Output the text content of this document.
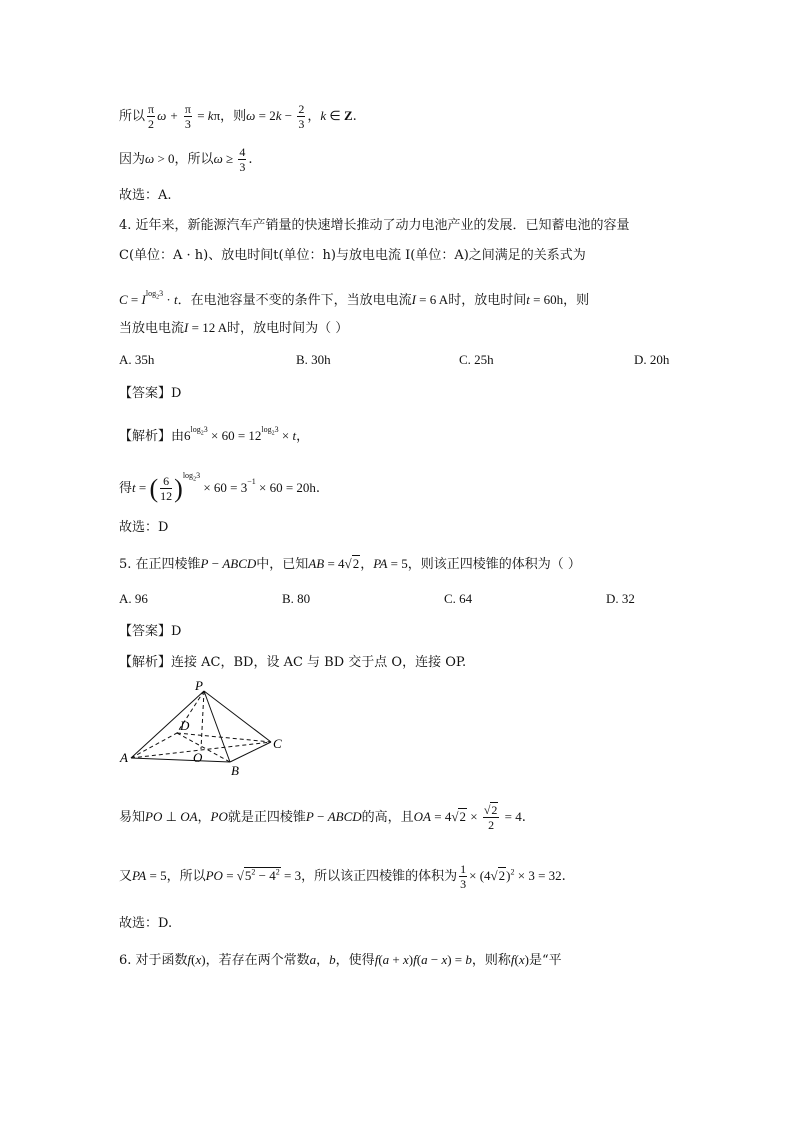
所以 $\frac{\pi}{2}$ $\omega + \frac{\pi}{3} = k\pi$，则$\omega = 2k - \frac{2}{3}$ ，k ∈ Z.
因为ω > 0，所以$\omega \ge \frac{4}{3}$ .
故选：A.
4. 近年来，新能源汽车产销量的快速增长推动了动力电池产业的发展．已知蓄电池的容量
C(单位：A · h)、放电时间t(单位：h)与放电电流 I(单位：A)之间满足的关系式为
$C = I^{log_23} \cdot t$．在电池容量不变的条件下，当放电电流I = 6 A时，放电时间t = 60h，则
当放电电流I = 12 A时，放电时间为（ ）
A. 35h	B. 30h	C. 25h	D. 20h
【答案】D
【解析】由$6^{log_23} \times 60 = 12^{log_23} \times t$，
得t = ( $\frac{6}{12} )^{log_23} \times 60 = 3^{-1} \times 60 = 20h$.
故选：D
5. 在正四棱锥P − ABCD中，已知AB = 4√2，PA = 5，则该正四棱锥的体积为（ ）
A. 96	B. 80	C. 64	D. 32
【答案】D
【解析】连接 AC，BD，设 AC 与 BD 交于点 O，连接 OP.
P
D
C
A	O
B
易知PO ⊥ OA，PO就是正四棱锥P − ABCD的高，且OA = $4√2 \times \frac{√2}{2} = 4$.
又PA = 5，所以PO = $√5^2 - 4^2 = 3$，所以该正四棱锥的体积为 $\frac{1}{3} \times (4√2)^2 \times 3 = 32$.
故选：D.
6. 对于函数f(x)，若存在两个常数a，b，使得f(a + x)f(a − x) = b，则称f(x)是“平
